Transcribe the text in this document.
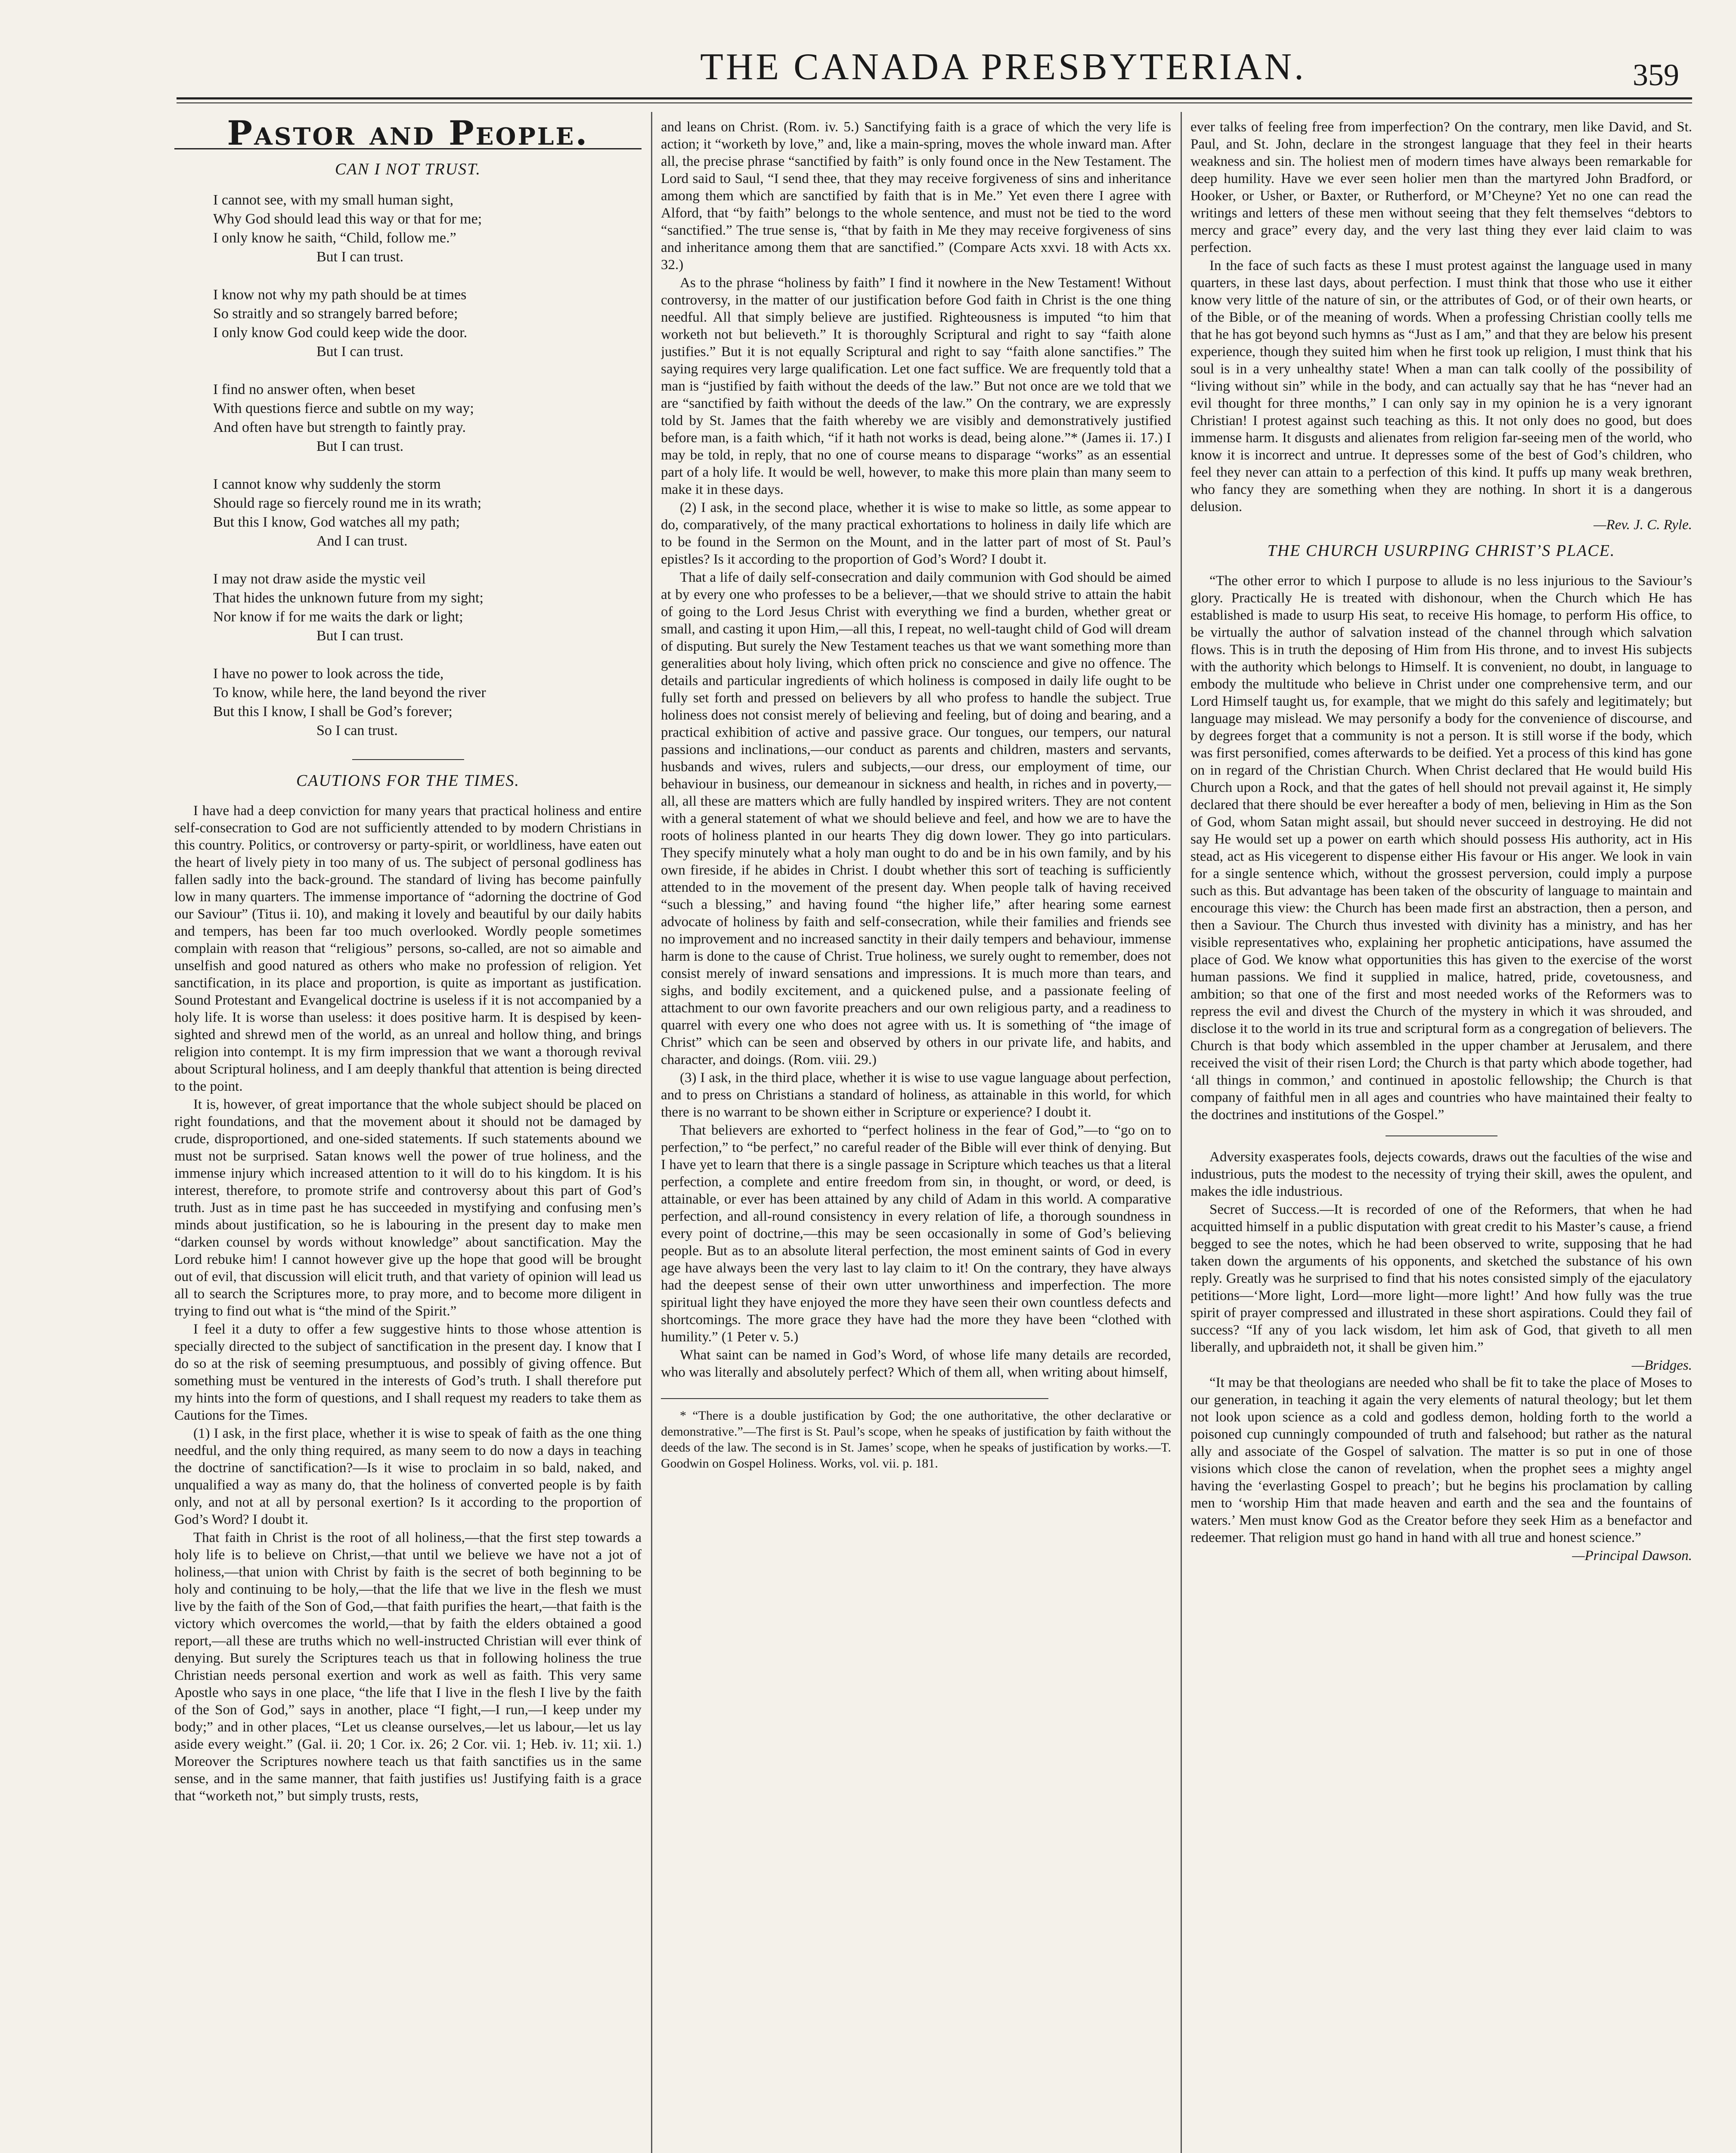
THE CANADA PRESBYTERIAN.	359
Pastor and People.
CAN I NOT TRUST.
I cannot see, with my small human sight,
Why God should lead this way or that for me;
I only know he saith, “Child, follow me.”
But I can trust.
I know not why my path should be at times
So straitly and so strangely barred before;
I only know God could keep wide the door.
But I can trust.
I find no answer often, when beset
With questions fierce and subtle on my way;
And often have but strength to faintly pray.
But I can trust.
I cannot know why suddenly the storm
Should rage so fiercely round me in its wrath;
But this I know, God watches all my path;
And I can trust.
I may not draw aside the mystic veil
That hides the unknown future from my sight;
Nor know if for me waits the dark or light;
But I can trust.
I have no power to look across the tide,
To know, while here, the land beyond the river
But this I know, I shall be God’s forever;
So I can trust.
CAUTIONS FOR THE TIMES.

I have had a deep conviction for many years that practical holiness and entire self-consecration to God are not sufficiently attended to by modern Christians in this country. Politics, or controversy or party-spirit, or worldliness, have eaten out the heart of lively piety in too many of us. The subject of personal godliness has fallen sadly into the back-ground. The standard of living has become painfully low in many quarters. The immense importance of “adorning the doctrine of God our Saviour” (Titus ii. 10), and making it lovely and beautiful by our daily habits and tempers, has been far too much overlooked. Wordly people sometimes complain with reason that “religious” persons, so-called, are not so aimable and unselfish and good natured as others who make no profession of religion. Yet sanctification, in its place and proportion, is quite as important as justification. Sound Protestant and Evangelical doctrine is useless if it is not accompanied by a holy life. It is worse than useless: it does positive harm. It is despised by keen-sighted and shrewd men of the world, as an unreal and hollow thing, and brings religion into contempt. It is my firm impression that we want a thorough revival about Scriptural holiness, and I am deeply thankful that attention is being directed to the point.

It is, however, of great importance that the whole subject should be placed on right foundations, and that the movement about it should not be damaged by crude, disproportioned, and one-sided statements. If such statements abound we must not be surprised. Satan knows well the power of true holiness, and the immense injury which increased attention to it will do to his kingdom. It is his interest, therefore, to promote strife and controversy about this part of God’s truth. Just as in time past he has succeeded in mystifying and confusing men’s minds about justification, so he is labouring in the present day to make men “darken counsel by words without knowledge” about sanctification. May the Lord rebuke him! I cannot however give up the hope that good will be brought out of evil, that discussion will elicit truth, and that variety of opinion will lead us all to search the Scriptures more, to pray more, and to become more diligent in trying to find out what is “the mind of the Spirit.”

I feel it a duty to offer a few suggestive hints to those whose attention is specially directed to the subject of sanctification in the present day. I know that I do so at the risk of seeming presumptuous, and possibly of giving offence. But something must be ventured in the interests of God’s truth. I shall therefore put my hints into the form of questions, and I shall request my readers to take them as Cautions for the Times.

(1) I ask, in the first place, whether it is wise to speak of faith as the one thing needful, and the only thing required, as many seem to do now a days in teaching the doctrine of sanctification?—Is it wise to proclaim in so bald, naked, and unqualified a way as many do, that the holiness of converted people is by faith only, and not at all by personal exertion? Is it according to the proportion of God’s Word? I doubt it.

That faith in Christ is the root of all holiness,—that the first step towards a holy life is to believe on Christ,—that until we believe we have not a jot of holiness,—that union with Christ by faith is the secret of both beginning to be holy and continuing to be holy,—that the life that we live in the flesh we must live by the faith of the Son of God,—that faith purifies the heart,—that faith is the victory which overcomes the world,—that by faith the elders obtained a good report,—all these are truths which no well-instructed Christian will ever think of denying. But surely the Scriptures teach us that in following holiness the true Christian needs personal exertion and work as well as faith. This very same Apostle who says in one place, “the life that I live in the flesh I live by the faith of the Son of God,” says in another, place “I fight,—I run,—I keep under my body;” and in other places, “Let us cleanse ourselves,—let us labour,—let us lay aside every weight.” (Gal. ii. 20; 1 Cor. ix. 26; 2 Cor. vii. 1; Heb. iv. 11; xii. 1.) Moreover the Scriptures nowhere teach us that faith sanctifies us in the same sense, and in the same manner, that faith justifies us! Justifying faith is a grace that “worketh not,” but simply trusts, rests,

and leans on Christ. (Rom. iv. 5.) Sanctifying faith is a grace of which the very life is action; it “worketh by love,” and, like a main-spring, moves the whole inward man. After all, the precise phrase “sanctified by faith” is only found once in the New Testament. The Lord said to Saul, “I send thee, that they may receive forgiveness of sins and inheritance among them which are sanctified by faith that is in Me.” Yet even there I agree with Alford, that “by faith” belongs to the whole sentence, and must not be tied to the word “sanctified.” The true sense is, “that by faith in Me they may receive forgiveness of sins and inheritance among them that are sanctified.” (Compare Acts xxvi. 18 with Acts xx. 32.)

As to the phrase “holiness by faith” I find it nowhere in the New Testament! Without controversy, in the matter of our justification before God faith in Christ is the one thing needful. All that simply believe are justified. Righteousness is imputed “to him that worketh not but believeth.” It is thoroughly Scriptural and right to say “faith alone justifies.” But it is not equally Scriptural and right to say “faith alone sanctifies.” The saying requires very large qualification. Let one fact suffice. We are frequently told that a man is “justified by faith without the deeds of the law.” But not once are we told that we are “sanctified by faith without the deeds of the law.” On the contrary, we are expressly told by St. James that the faith whereby we are visibly and demonstratively justified before man, is a faith which, “if it hath not works is dead, being alone.”* (James ii. 17.) I may be told, in reply, that no one of course means to disparage “works” as an essential part of a holy life. It would be well, however, to make this more plain than many seem to make it in these days.

(2) I ask, in the second place, whether it is wise to make so little, as some appear to do, comparatively, of the many practical exhortations to holiness in daily life which are to be found in the Sermon on the Mount, and in the latter part of most of St. Paul’s epistles? Is it according to the proportion of God’s Word? I doubt it.

That a life of daily self-consecration and daily communion with God should be aimed at by every one who professes to be a believer,—that we should strive to attain the habit of going to the Lord Jesus Christ with everything we find a burden, whether great or small, and casting it upon Him,—all this, I repeat, no well-taught child of God will dream of disputing. But surely the New Testament teaches us that we want something more than generalities about holy living, which often prick no conscience and give no offence. The details and particular ingredients of which holiness is composed in daily life ought to be fully set forth and pressed on believers by all who profess to handle the subject. True holiness does not consist merely of believing and feeling, but of doing and bearing, and a practical exhibition of active and passive grace. Our tongues, our tempers, our natural passions and inclinations,—our conduct as parents and children, masters and servants, husbands and wives, rulers and subjects,—our dress, our employment of time, our behaviour in business, our demeanour in sickness and health, in riches and in poverty,—all, all these are matters which are fully handled by inspired writers. They are not content with a general statement of what we should believe and feel, and how we are to have the roots of holiness planted in our hearts They dig down lower. They go into particulars. They specify minutely what a holy man ought to do and be in his own family, and by his own fireside, if he abides in Christ. I doubt whether this sort of teaching is sufficiently attended to in the movement of the present day. When people talk of having received “such a blessing,” and having found “the higher life,” after hearing some earnest advocate of holiness by faith and self-consecration, while their families and friends see no improvement and no increased sanctity in their daily tempers and behaviour, immense harm is done to the cause of Christ. True holiness, we surely ought to remember, does not consist merely of inward sensations and impressions. It is much more than tears, and sighs, and bodily excitement, and a quickened pulse, and a passionate feeling of attachment to our own favorite preachers and our own religious party, and a readiness to quarrel with every one who does not agree with us. It is something of “the image of Christ” which can be seen and observed by others in our private life, and habits, and character, and doings. (Rom. viii. 29.)

(3) I ask, in the third place, whether it is wise to use vague language about perfection, and to press on Christians a standard of holiness, as attainable in this world, for which there is no warrant to be shown either in Scripture or experience? I doubt it.

That believers are exhorted to “perfect holiness in the fear of God,”—to “go on to perfection,” to “be perfect,” no careful reader of the Bible will ever think of denying. But I have yet to learn that there is a single passage in Scripture which teaches us that a literal perfection, a complete and entire freedom from sin, in thought, or word, or deed, is attainable, or ever has been attained by any child of Adam in this world. A comparative perfection, and all-round consistency in every relation of life, a thorough soundness in every point of doctrine,—this may be seen occasionally in some of God’s believing people. But as to an absolute literal perfection, the most eminent saints of God in every age have always been the very last to lay claim to it! On the contrary, they have always had the deepest sense of their own utter unworthiness and imperfection. The more spiritual light they have enjoyed the more they have seen their own countless defects and shortcomings. The more grace they have had the more they have been “clothed with humility.” (1 Peter v. 5.)

What saint can be named in God’s Word, of whose life many details are recorded, who was literally and absolutely perfect? Which of them all, when writing about himself,

* “There is a double justification by God; the one authoritative, the other declarative or demonstrative.”—The first is St. Paul’s scope, when he speaks of justification by faith without the deeds of the law. The second is in St. James’ scope, when he speaks of justification by works.—T. Goodwin on Gospel Holiness. Works, vol. vii. p. 181.

ever talks of feeling free from imperfection? On the contrary, men like David, and St. Paul, and St. John, declare in the strongest language that they feel in their hearts weakness and sin. The holiest men of modern times have always been remarkable for deep humility. Have we ever seen holier men than the martyred John Bradford, or Hooker, or Usher, or Baxter, or Rutherford, or M’Cheyne? Yet no one can read the writings and letters of these men without seeing that they felt themselves “debtors to mercy and grace” every day, and the very last thing they ever laid claim to was perfection.

In the face of such facts as these I must protest against the language used in many quarters, in these last days, about perfection. I must think that those who use it either know very little of the nature of sin, or the attributes of God, or of their own hearts, or of the Bible, or of the meaning of words. When a professing Christian coolly tells me that he has got beyond such hymns as “Just as I am,” and that they are below his present experience, though they suited him when he first took up religion, I must think that his soul is in a very unhealthy state! When a man can talk coolly of the possibility of “living without sin” while in the body, and can actually say that he has “never had an evil thought for three months,” I can only say in my opinion he is a very ignorant Christian! I protest against such teaching as this. It not only does no good, but does immense harm. It disgusts and alienates from religion far-seeing men of the world, who know it is incorrect and untrue. It depresses some of the best of God’s children, who feel they never can attain to a perfection of this kind. It puffs up many weak brethren, who fancy they are something when they are nothing. In short it is a dangerous delusion.

—Rev. J. C. Ryle.
THE CHURCH USURPING CHRIST’S PLACE.

“The other error to which I purpose to allude is no less injurious to the Saviour’s glory. Practically He is treated with dishonour, when the Church which He has established is made to usurp His seat, to receive His homage, to perform His office, to be virtually the author of salvation instead of the channel through which salvation flows. This is in truth the deposing of Him from His throne, and to invest His subjects with the authority which belongs to Himself. It is convenient, no doubt, in language to embody the multitude who believe in Christ under one comprehensive term, and our Lord Himself taught us, for example, that we might do this safely and legitimately; but language may mislead. We may personify a body for the convenience of discourse, and by degrees forget that a community is not a person. It is still worse if the body, which was first personified, comes afterwards to be deified. Yet a process of this kind has gone on in regard of the Christian Church. When Christ declared that He would build His Church upon a Rock, and that the gates of hell should not prevail against it, He simply declared that there should be ever hereafter a body of men, believing in Him as the Son of God, whom Satan might assail, but should never succeed in destroying. He did not say He would set up a power on earth which should possess His authority, act in His stead, act as His vicegerent to dispense either His favour or His anger. We look in vain for a single sentence which, without the grossest perversion, could imply a purpose such as this. But advantage has been taken of the obscurity of language to maintain and encourage this view: the Church has been made first an abstraction, then a person, and then a Saviour. The Church thus invested with divinity has a ministry, and has her visible representatives who, explaining her prophetic anticipations, have assumed the place of God. We know what opportunities this has given to the exercise of the worst human passions. We find it supplied in malice, hatred, pride, covetousness, and ambition; so that one of the first and most needed works of the Reformers was to repress the evil and divest the Church of the mystery in which it was shrouded, and disclose it to the world in its true and scriptural form as a congregation of believers. The Church is that body which assembled in the upper chamber at Jerusalem, and there received the visit of their risen Lord; the Church is that party which abode together, had ‘all things in common,’ and continued in apostolic fellowship; the Church is that company of faithful men in all ages and countries who have maintained their fealty to the doctrines and institutions of the Gospel.”

Adversity exasperates fools, dejects cowards, draws out the faculties of the wise and industrious, puts the modest to the necessity of trying their skill, awes the opulent, and makes the idle industrious.

Secret of Success.—It is recorded of one of the Reformers, that when he had acquitted himself in a public disputation with great credit to his Master’s cause, a friend begged to see the notes, which he had been observed to write, supposing that he had taken down the arguments of his opponents, and sketched the substance of his own reply. Greatly was he surprised to find that his notes consisted simply of the ejaculatory petitions—‘More light, Lord—more light—more light!’ And how fully was the true spirit of prayer compressed and illustrated in these short aspirations. Could they fail of success? “If any of you lack wisdom, let him ask of God, that giveth to all men liberally, and upbraideth not, it shall be given him.”

—Bridges.

“It may be that theologians are needed who shall be fit to take the place of Moses to our generation, in teaching it again the very elements of natural theology; but let them not look upon science as a cold and godless demon, holding forth to the world a poisoned cup cunningly compounded of truth and falsehood; but rather as the natural ally and associate of the Gospel of salvation. The matter is so put in one of those visions which close the canon of revelation, when the prophet sees a mighty angel having the ‘everlasting Gospel to preach’; but he begins his proclamation by calling men to ‘worship Him that made heaven and earth and the sea and the fountains of waters.’ Men must know God as the Creator before they seek Him as a benefactor and redeemer. That religion must go hand in hand with all true and honest science.”

—Principal Dawson.
